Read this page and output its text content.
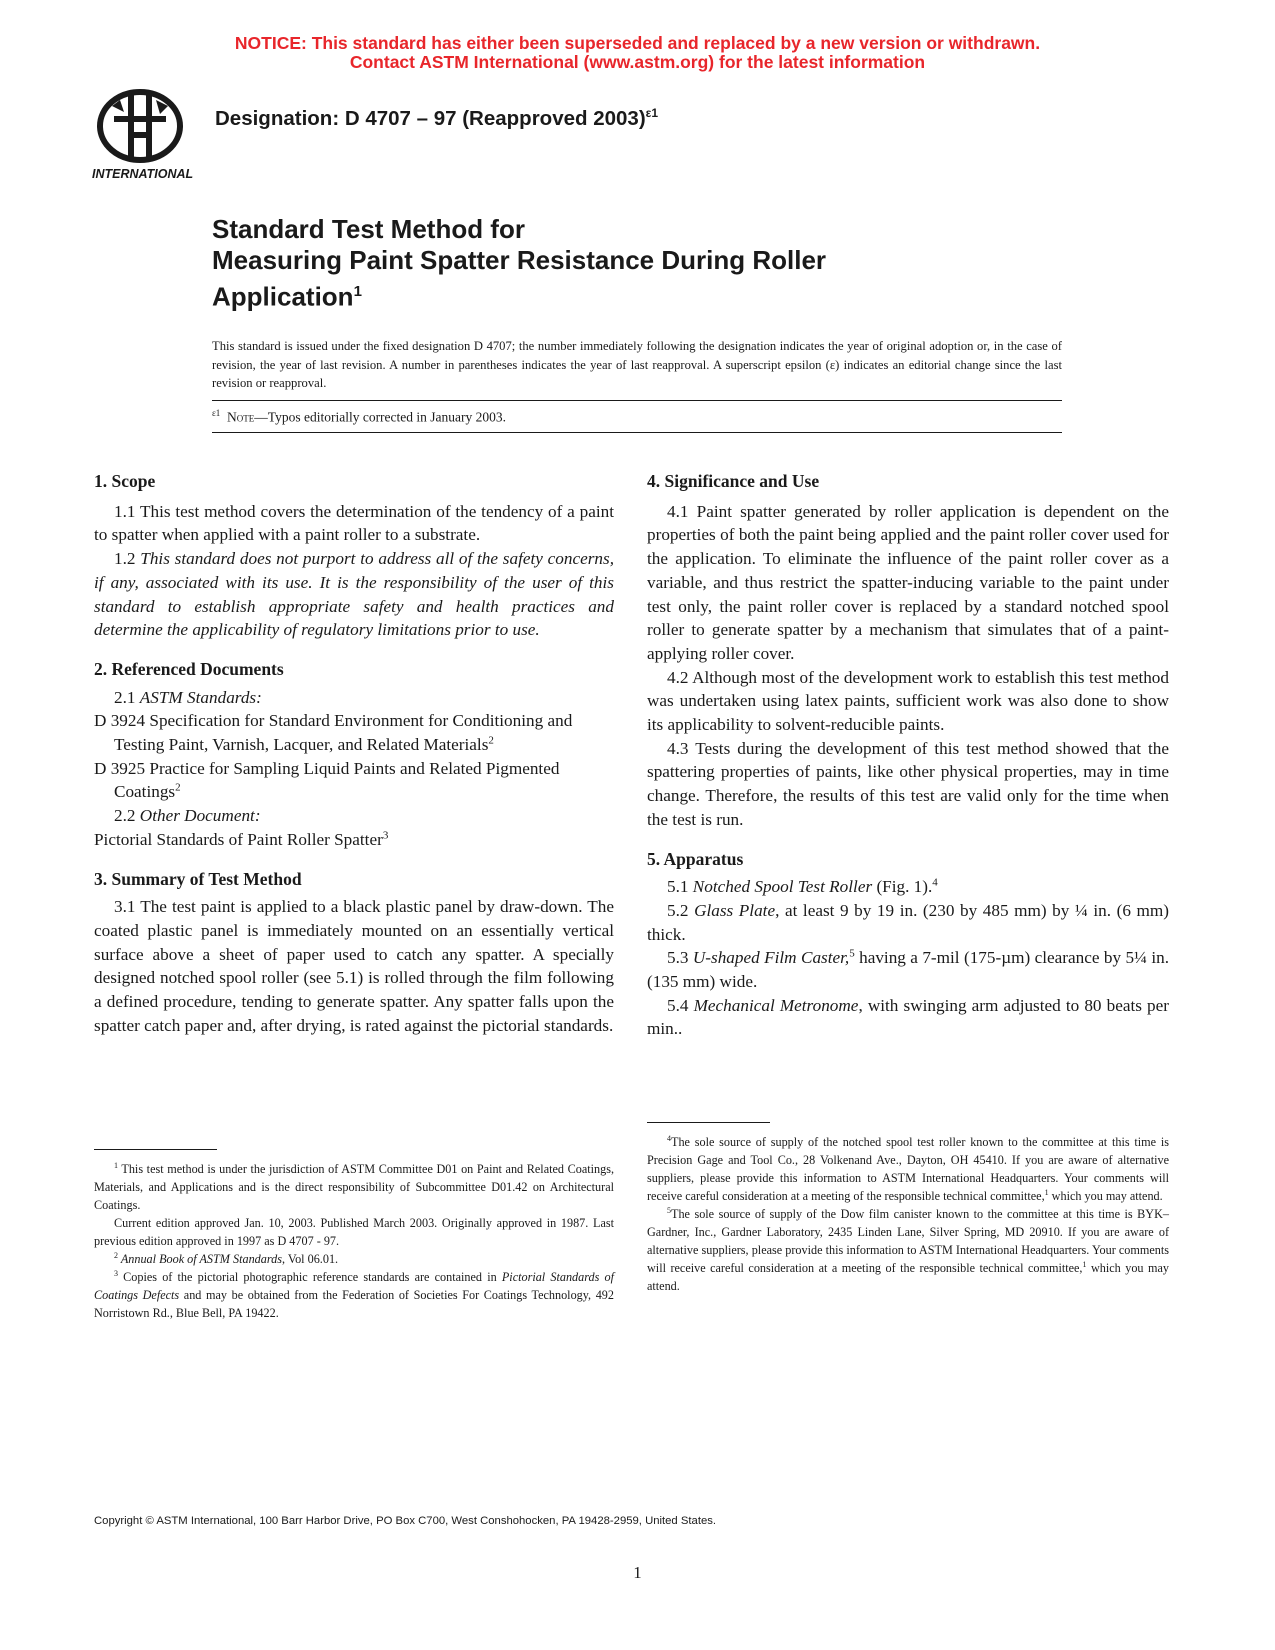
NOTICE: This standard has either been superseded and replaced by a new version or withdrawn.
Contact ASTM International (www.astm.org) for the latest information
INTERNATIONAL
Designation: D 4707 – 97 (Reapproved 2003)$^{\varepsilon 1}$
Standard Test Method for
Measuring Paint Spatter Resistance During Roller
Application$^1$
This standard is issued under the fixed designation D 4707; the number immediately following the designation indicates the year of original adoption or, in the case of revision, the year of last revision. A number in parentheses indicates the year of last reapproval. A superscript epsilon (ε) indicates an editorial change since the last revision or reapproval.
$^{\varepsilon 1}$ Note—Typos editorially corrected in January 2003.
1. Scope

1.1 This test method covers the determination of the tendency of a paint to spatter when applied with a paint roller to a substrate.

1.2 This standard does not purport to address all of the safety concerns, if any, associated with its use. It is the responsibility of the user of this standard to establish appropriate safety and health practices and determine the applicability of regulatory limitations prior to use.

2. Referenced Documents

2.1 ASTM Standards:

D 3924 Specification for Standard Environment for Conditioning and Testing Paint, Varnish, Lacquer, and Related Materials$^2$

D 3925 Practice for Sampling Liquid Paints and Related Pigmented Coatings$^2$

2.2 Other Document:

Pictorial Standards of Paint Roller Spatter$^3$

3. Summary of Test Method

3.1 The test paint is applied to a black plastic panel by draw-down. The coated plastic panel is immediately mounted on an essentially vertical surface above a sheet of paper used to catch any spatter. A specially designed notched spool roller (see 5.1) is rolled through the film following a defined procedure, tending to generate spatter. Any spatter falls upon the spatter catch paper and, after drying, is rated against the pictorial standards.

$^1$ This test method is under the jurisdiction of ASTM Committee D01 on Paint and Related Coatings, Materials, and Applications and is the direct responsibility of Subcommittee D01.42 on Architectural Coatings.

Current edition approved Jan. 10, 2003. Published March 2003. Originally approved in 1987. Last previous edition approved in 1997 as D 4707 - 97.

$^2$ Annual Book of ASTM Standards, Vol 06.01.

$^3$ Copies of the pictorial photographic reference standards are contained in Pictorial Standards of Coatings Defects and may be obtained from the Federation of Societies For Coatings Technology, 492 Norristown Rd., Blue Bell, PA 19422.

4. Significance and Use

4.1 Paint spatter generated by roller application is dependent on the properties of both the paint being applied and the paint roller cover used for the application. To eliminate the influence of the paint roller cover as a variable, and thus restrict the spatter-inducing variable to the paint under test only, the paint roller cover is replaced by a standard notched spool roller to generate spatter by a mechanism that simulates that of a paint-applying roller cover.

4.2 Although most of the development work to establish this test method was undertaken using latex paints, sufficient work was also done to show its applicability to solvent-reducible paints.

4.3 Tests during the development of this test method showed that the spattering properties of paints, like other physical properties, may in time change. Therefore, the results of this test are valid only for the time when the test is run.

5. Apparatus

5.1 Notched Spool Test Roller (Fig. 1).$^4$

5.2 Glass Plate, at least 9 by 19 in. (230 by 485 mm) by ¼ in. (6 mm) thick.

5.3 U-shaped Film Caster,$^5$ having a 7-mil (175-µm) clearance by 5¼ in. (135 mm) wide.

5.4 Mechanical Metronome, with swinging arm adjusted to 80 beats per min..

$^4$The sole source of supply of the notched spool test roller known to the committee at this time is Precision Gage and Tool Co., 28 Volkenand Ave., Dayton, OH 45410. If you are aware of alternative suppliers, please provide this information to ASTM International Headquarters. Your comments will receive careful consideration at a meeting of the responsible technical committee,$^1$ which you may attend.

$^5$The sole source of supply of the Dow film canister known to the committee at this time is BYK–Gardner, Inc., Gardner Laboratory, 2435 Linden Lane, Silver Spring, MD 20910. If you are aware of alternative suppliers, please provide this information to ASTM International Headquarters. Your comments will receive careful consideration at a meeting of the responsible technical committee,$^1$ which you may attend.

Copyright © ASTM International, 100 Barr Harbor Drive, PO Box C700, West Conshohocken, PA 19428-2959, United States.
1
